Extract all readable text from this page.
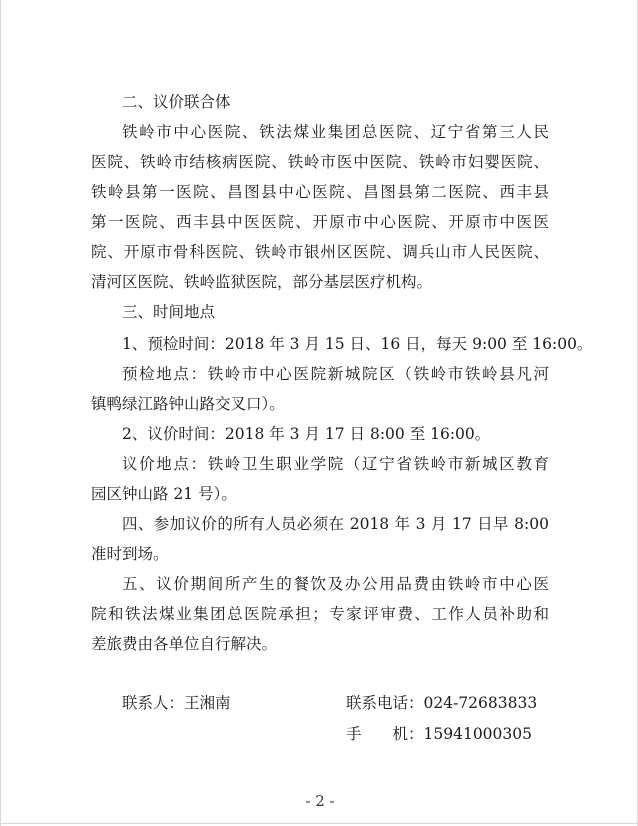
二、议价联合体
铁岭市中心医院、铁法煤业集团总医院、辽宁省第三人民
医院、铁岭市结核病医院、铁岭市医中医院、铁岭市妇婴医院、
铁岭县第一医院、昌图县中心医院、昌图县第二医院、西丰县
第一医院、西丰县中医医院、开原市中心医院、开原市中医医
院、开原市骨科医院、铁岭市银州区医院、调兵山市人民医院、
清河区医院、铁岭监狱医院，部分基层医疗机构。
三、时间地点
1、预检时间：2018 年 3 月 15 日、16 日，每天 9:00 至 16:00。
预检地点：铁岭市中心医院新城院区（铁岭市铁岭县凡河
镇鸭绿江路钟山路交叉口）。
2、议价时间：2018 年 3 月 17 日 8:00 至 16:00。
议价地点：铁岭卫生职业学院（辽宁省铁岭市新城区教育
园区钟山路 21 号）。
四、参加议价的所有人员必须在 2018 年 3 月 17 日早 8:00
准时到场。
五、议价期间所产生的餐饮及办公用品费由铁岭市中心医
院和铁法煤业集团总医院承担；专家评审费、工作人员补助和
差旅费由各单位自行解决。
联系人：王湘南	联系电话：024-72683833
手　　机：15941000305
- 2 -
